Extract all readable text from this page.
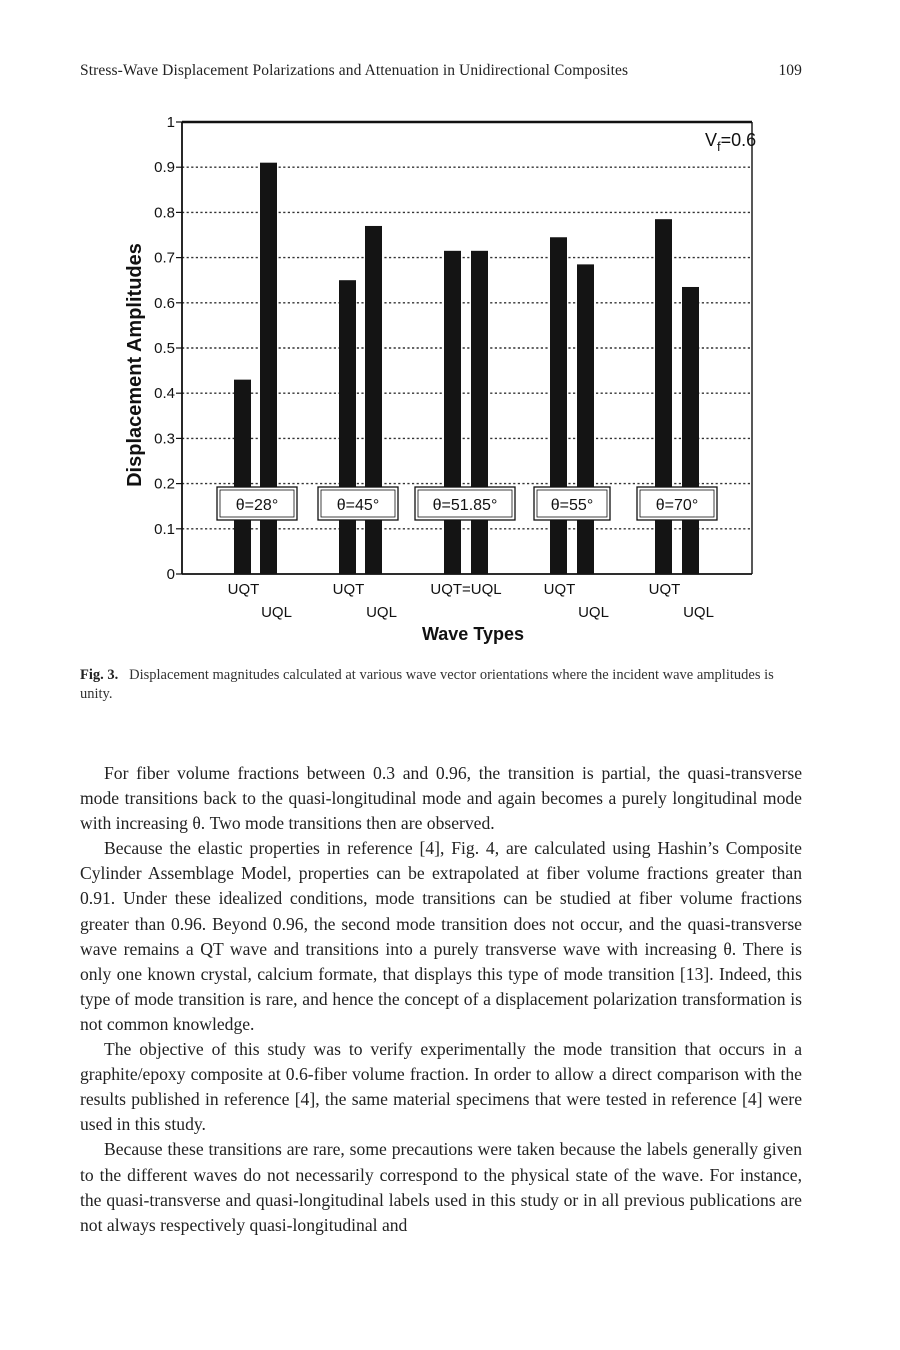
Stress-Wave Displacement Polarizations and Attenuation in Unidirectional Composites	109
0
0.1
0.2
0.3
0.4
0.5
0.6
0.7
0.8
0.9
1
$V_f=0.6$
θ=28°
UQT
UQL
θ=45°
UQT
UQL
θ=51.85°
UQT=UQL
θ=55°
UQT
UQL
θ=70°
UQT
UQL
Wave Types
Displacement Amplitudes
Fig. 3. Displacement magnitudes calculated at various wave vector orientations where the incident wave amplitudes is unity.

For fiber volume fractions between 0.3 and 0.96, the transition is partial, the quasi-transverse mode transitions back to the quasi-longitudinal mode and again becomes a purely longitudinal mode with increasing θ. Two mode transitions then are observed.

Because the elastic properties in reference [4], Fig. 4, are calculated using Hashin’s Composite Cylinder Assemblage Model, properties can be extrapolated at fiber volume fractions greater than 0.91. Under these idealized conditions, mode transitions can be studied at fiber volume fractions greater than 0.96. Beyond 0.96, the second mode transition does not occur, and the quasi-transverse wave remains a QT wave and transitions into a purely transverse wave with increasing θ. There is only one known crystal, calcium formate, that displays this type of mode transition [13]. Indeed, this type of mode transition is rare, and hence the concept of a displacement polarization transformation is not common knowledge.

The objective of this study was to verify experimentally the mode transition that occurs in a graphite/epoxy composite at 0.6-fiber volume fraction. In order to allow a direct comparison with the results published in reference [4], the same material specimens that were tested in reference [4] were used in this study.

Because these transitions are rare, some precautions were taken because the labels generally given to the different waves do not necessarily correspond to the physical state of the wave. For instance, the quasi-transverse and quasi-longitudinal labels used in this study or in all previous publications are not always respectively quasi-longitudinal and
